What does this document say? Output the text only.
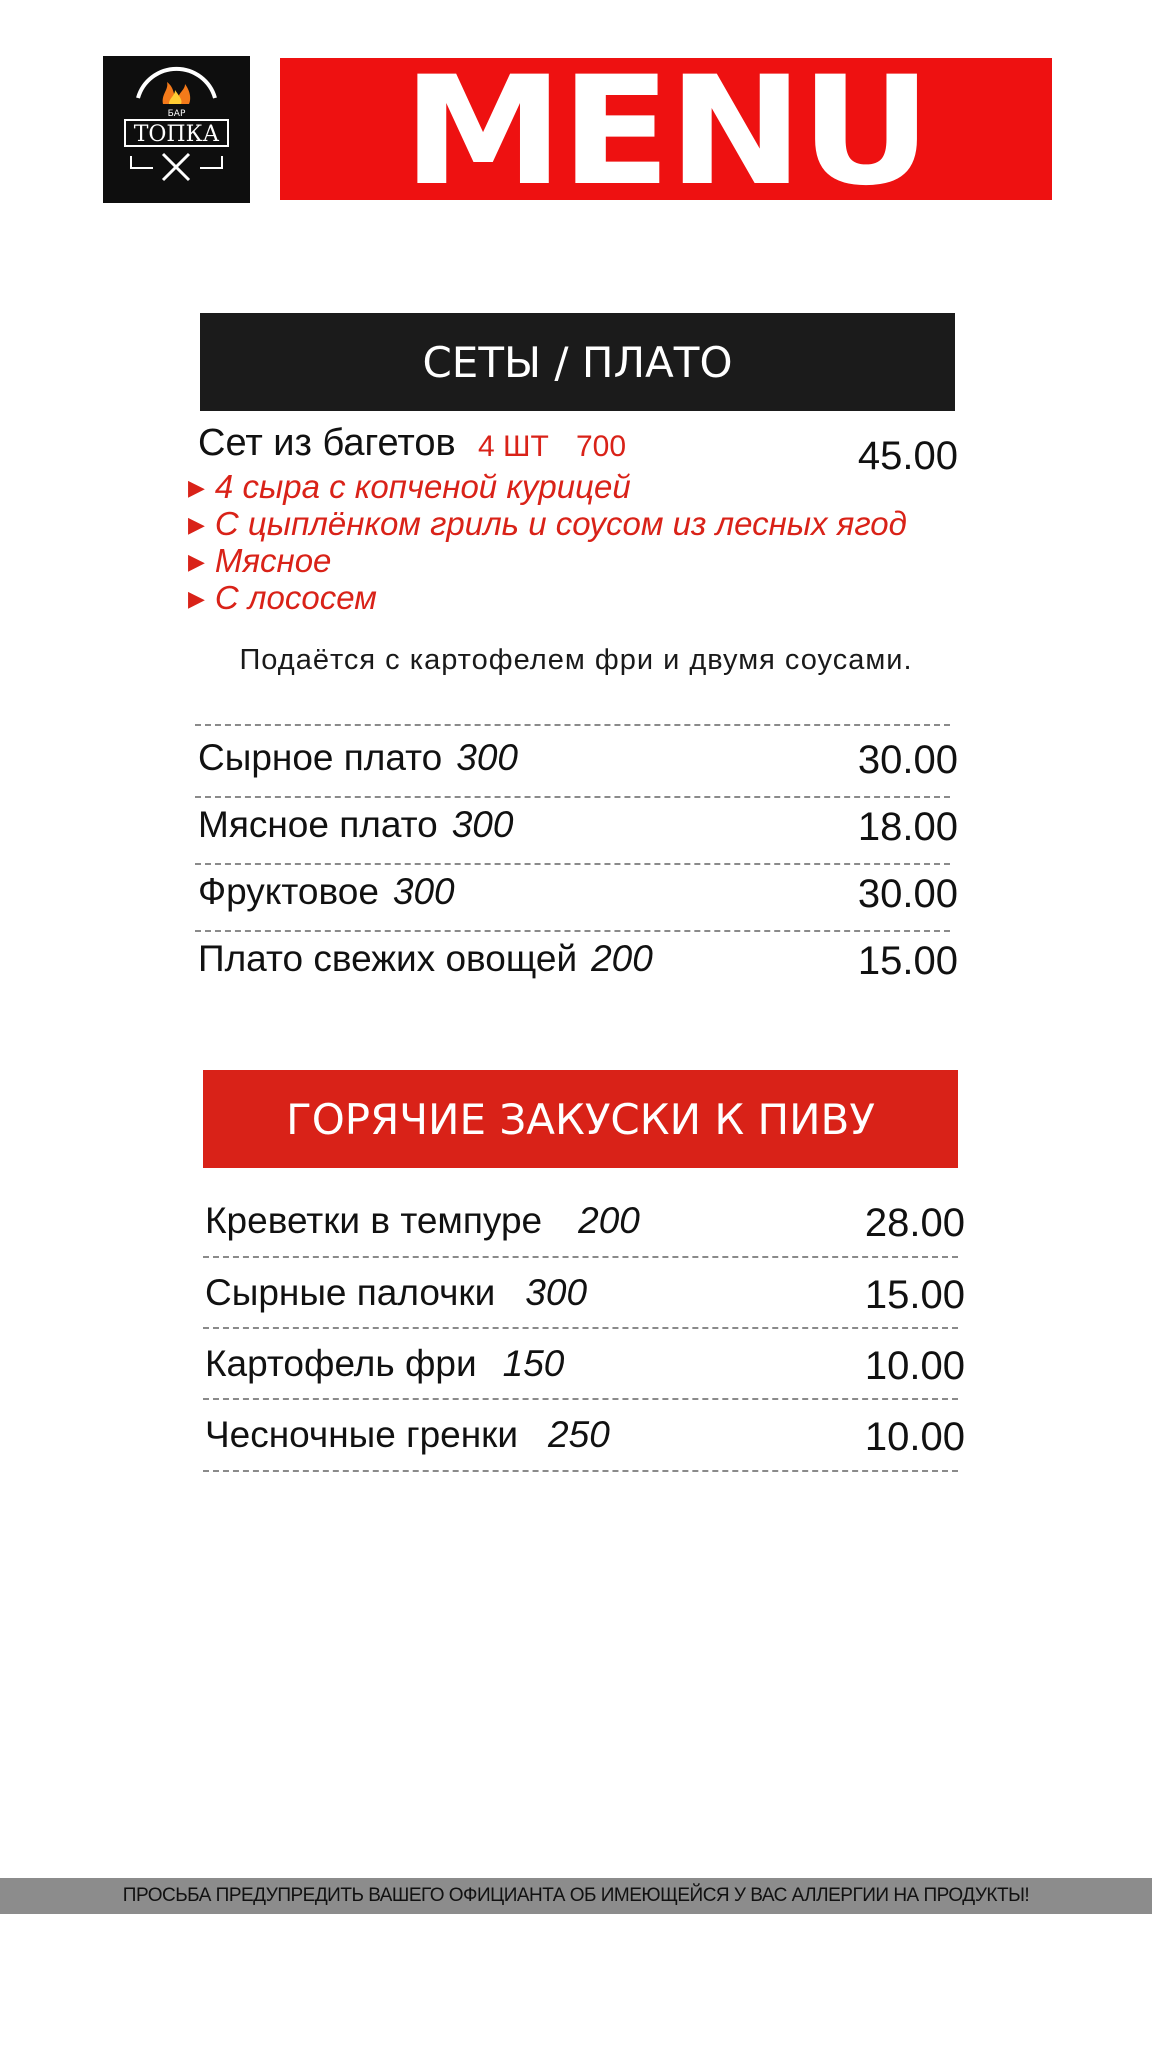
БАР
ТОПКА MENU
СЕТЫ / ПЛАТО
Сет из багетов 4 ШТ 700	45.00
▶ 4 сыра с копченой курицей
▶ С цыплёнком гриль и соусом из лесных ягод
▶ Мясное
▶ С лососем
Подаётся с картофелем фри и двумя соусами.
Сырное плато 300	30.00
Мясное плато 300	18.00
Фруктовое 300	30.00
Плато свежих овощей 200	15.00
ГОРЯЧИЕ ЗАКУСКИ К ПИВУ
Креветки в темпуре 200	28.00
Сырные палочки 300	15.00
Картофель фри 150	10.00
Чесночные гренки 250	10.00
ПРОСЬБА ПРЕДУПРЕДИТЬ ВАШЕГО ОФИЦИАНТА ОБ ИМЕЮЩЕЙСЯ У ВАС АЛЛЕРГИИ НА ПРОДУКТЫ!
